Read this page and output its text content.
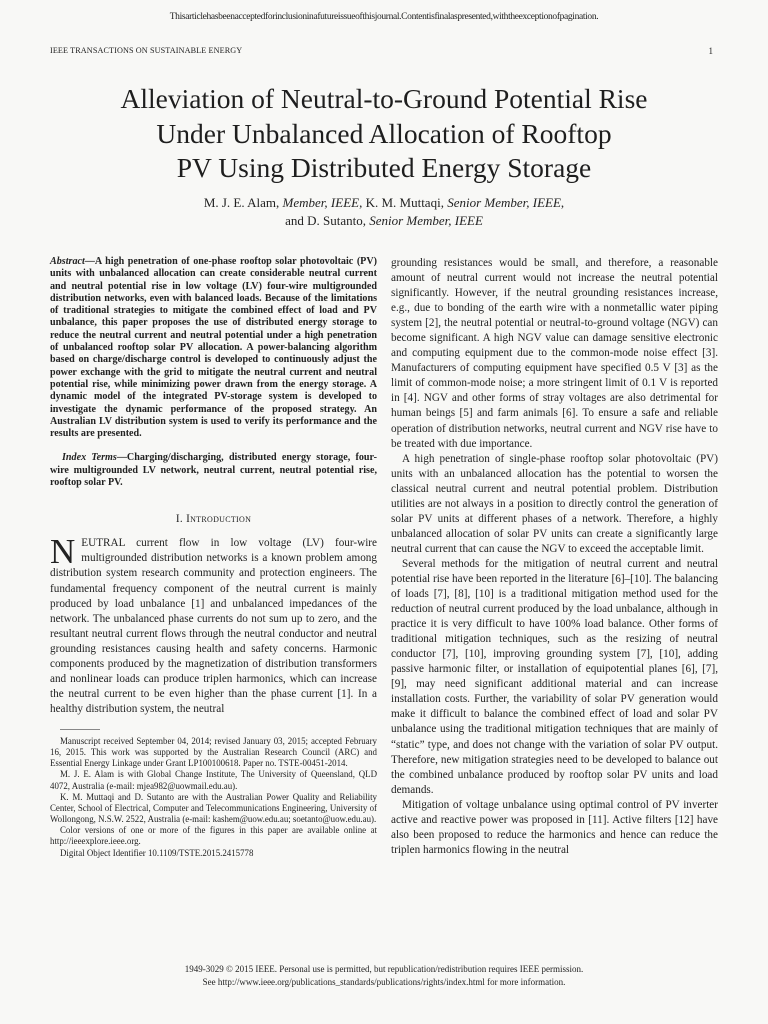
Thisarticlehasbeenacceptedforinclusioninafutureissueofthisjournal.Contentisfinalaspresented,withtheexceptionofpagination.
IEEE TRANSACTIONS ON SUSTAINABLE ENERGY	1
Alleviation of Neutral-to-Ground Potential Rise
Under Unbalanced Allocation of Rooftop
PV Using Distributed Energy Storage
M. J. E. Alam, Member, IEEE, K. M. Muttaqi, Senior Member, IEEE,
and D. Sutanto, Senior Member, IEEE

Abstract—A high penetration of one-phase rooftop solar photovoltaic (PV) units with unbalanced allocation can create considerable neutral current and neutral potential rise in low voltage (LV) four-wire multigrounded distribution networks, even with balanced loads. Because of the limitations of traditional strategies to mitigate the combined effect of load and PV unbalance, this paper proposes the use of distributed energy storage to reduce the neutral current and neutral potential under a high penetration of unbalanced rooftop solar PV allocation. A power-balancing algorithm based on charge/discharge control is developed to continuously adjust the power exchange with the grid to mitigate the neutral current and neutral potential rise, while minimizing power drawn from the energy storage. A dynamic model of the integrated PV-storage system is developed to investigate the dynamic performance of the proposed strategy. An Australian LV distribution system is used to verify its performance and the results are presented.

Index Terms—Charging/discharging, distributed energy storage, four-wire multigrounded LV network, neutral current, neutral potential rise, rooftop solar PV.

I. Introduction

NEUTRAL current flow in low voltage (LV) four-wire multigrounded distribution networks is a known problem among distribution system research community and protection engineers. The fundamental frequency component of the neutral current is mainly produced by load unbalance [1] and unbalanced impedances of the network. The unbalanced phase currents do not sum up to zero, and the resultant neutral current flows through the neutral conductor and neutral grounding resistances causing health and safety concerns. Harmonic components produced by the magnetization of distribution transformers and nonlinear loads can produce triplen harmonics, which can increase the neutral current to be even higher than the phase current [1]. In a healthy distribution system, the neutral

Manuscript received September 04, 2014; revised January 03, 2015; accepted February 16, 2015. This work was supported by the Australian Research Council (ARC) and Essential Energy Linkage under Grant LP100100618. Paper no. TSTE-00451-2014.

M. J. E. Alam is with Global Change Institute, The University of Queensland, QLD 4072, Australia (e-mail: mjea982@uowmail.edu.au).

K. M. Muttaqi and D. Sutanto are with the Australian Power Quality and Reliability Center, School of Electrical, Computer and Telecommunications Engineering, University of Wollongong, N.S.W. 2522, Australia (e-mail: kashem@uow.edu.au; soetanto@uow.edu.au).

Color versions of one or more of the figures in this paper are available online at http://ieeexplore.ieee.org.

Digital Object Identifier 10.1109/TSTE.2015.2415778

grounding resistances would be small, and therefore, a reasonable amount of neutral current would not increase the neutral potential significantly. However, if the neutral grounding resistances increase, e.g., due to bonding of the earth wire with a nonmetallic water piping system [2], the neutral potential or neutral-to-ground voltage (NGV) can become significant. A high NGV value can damage sensitive electronic and computing equipment due to the common-mode noise effect [3]. Manufacturers of computing equipment have specified 0.5 V [3] as the limit of common-mode noise; a more stringent limit of 0.1 V is reported in [4]. NGV and other forms of stray voltages are also detrimental for human beings [5] and farm animals [6]. To ensure a safe and reliable operation of distribution networks, neutral current and NGV rise have to be treated with due importance.

A high penetration of single-phase rooftop solar photovoltaic (PV) units with an unbalanced allocation has the potential to worsen the classical neutral current and neutral potential problem. Distribution utilities are not always in a position to directly control the generation of solar PV units at different phases of a network. Therefore, a highly unbalanced allocation of solar PV units can create a significantly large neutral current that can cause the NGV to exceed the acceptable limit.

Several methods for the mitigation of neutral current and neutral potential rise have been reported in the literature [6]–[10]. The balancing of loads [7], [8], [10] is a traditional mitigation method used for the reduction of neutral current produced by the load unbalance, although in practice it is very difficult to have 100% load balance. Other forms of traditional mitigation techniques, such as the resizing of neutral conductor [7], [10], improving grounding system [7], [10], adding passive harmonic filter, or installation of equipotential planes [6], [7], [9], may need significant additional material and can increase installation costs. Further, the variability of solar PV generation would make it difficult to balance the combined effect of load and solar PV unbalance using the traditional mitigation techniques that are mainly of “static” type, and does not change with the variation of solar PV output. Therefore, new mitigation strategies need to be developed to balance out the combined unbalance produced by rooftop solar PV units and load demands.

Mitigation of voltage unbalance using optimal control of PV inverter active and reactive power was proposed in [11]. Active filters [12] have also been proposed to reduce the harmonics and hence can reduce the triplen harmonics flowing in the neutral

1949-3029 © 2015 IEEE. Personal use is permitted, but republication/redistribution requires IEEE permission.
See http://www.ieee.org/publications_standards/publications/rights/index.html for more information.
